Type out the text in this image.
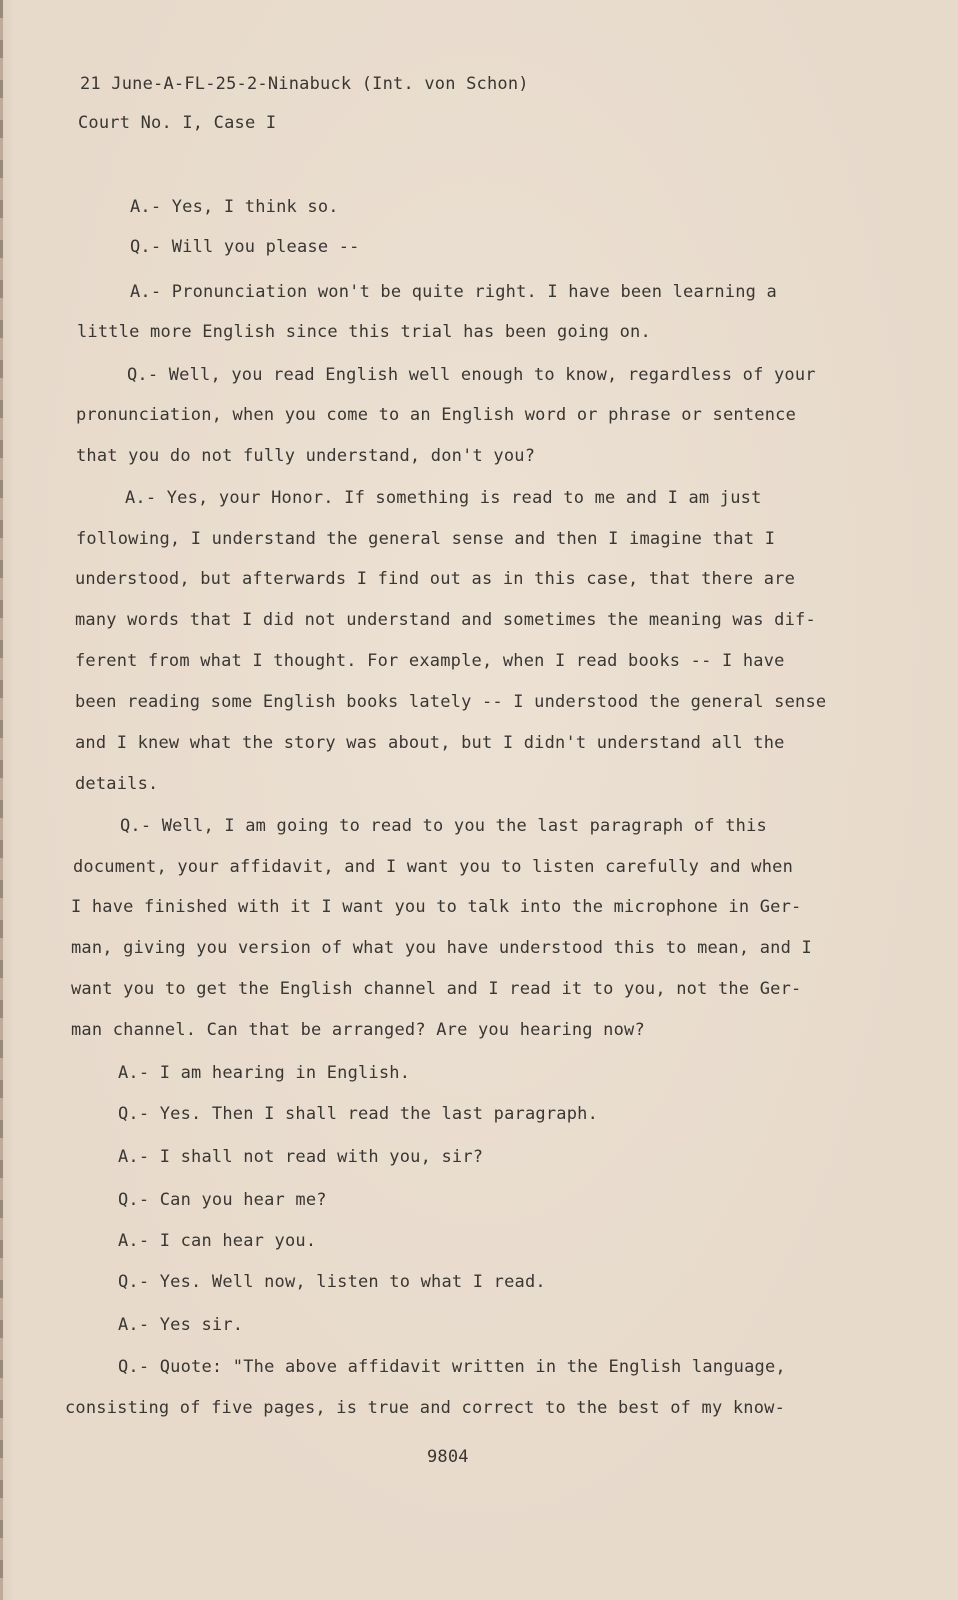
21 June-A-FL-25-2-Ninabuck (Int. von Schon)
Court No. I, Case I
A.- Yes, I think so.
Q.- Will you please --
A.- Pronunciation won't be quite right. I have been learning a
little more English since this trial has been going on.
Q.- Well, you read English well enough to know, regardless of your
pronunciation, when you come to an English word or phrase or sentence
that you do not fully understand, don't you?
A.- Yes, your Honor. If something is read to me and I am just
following, I understand the general sense and then I imagine that I
understood, but afterwards I find out as in this case, that there are
many words that I did not understand and sometimes the meaning was dif-
ferent from what I thought. For example, when I read books -- I have
been reading some English books lately -- I understood the general sense
and I knew what the story was about, but I didn't understand all the
details.
Q.- Well, I am going to read to you the last paragraph of this
document, your affidavit, and I want you to listen carefully and when
I have finished with it I want you to talk into the microphone in Ger-
man, giving you version of what you have understood this to mean, and I
want you to get the English channel and I read it to you, not the Ger-
man channel. Can that be arranged? Are you hearing now?
A.- I am hearing in English.
Q.- Yes. Then I shall read the last paragraph.
A.- I shall not read with you, sir?
Q.- Can you hear me?
A.- I can hear you.
Q.- Yes. Well now, listen to what I read.
A.- Yes sir.
Q.- Quote: "The above affidavit written in the English language,
consisting of five pages, is true and correct to the best of my know-
9804
